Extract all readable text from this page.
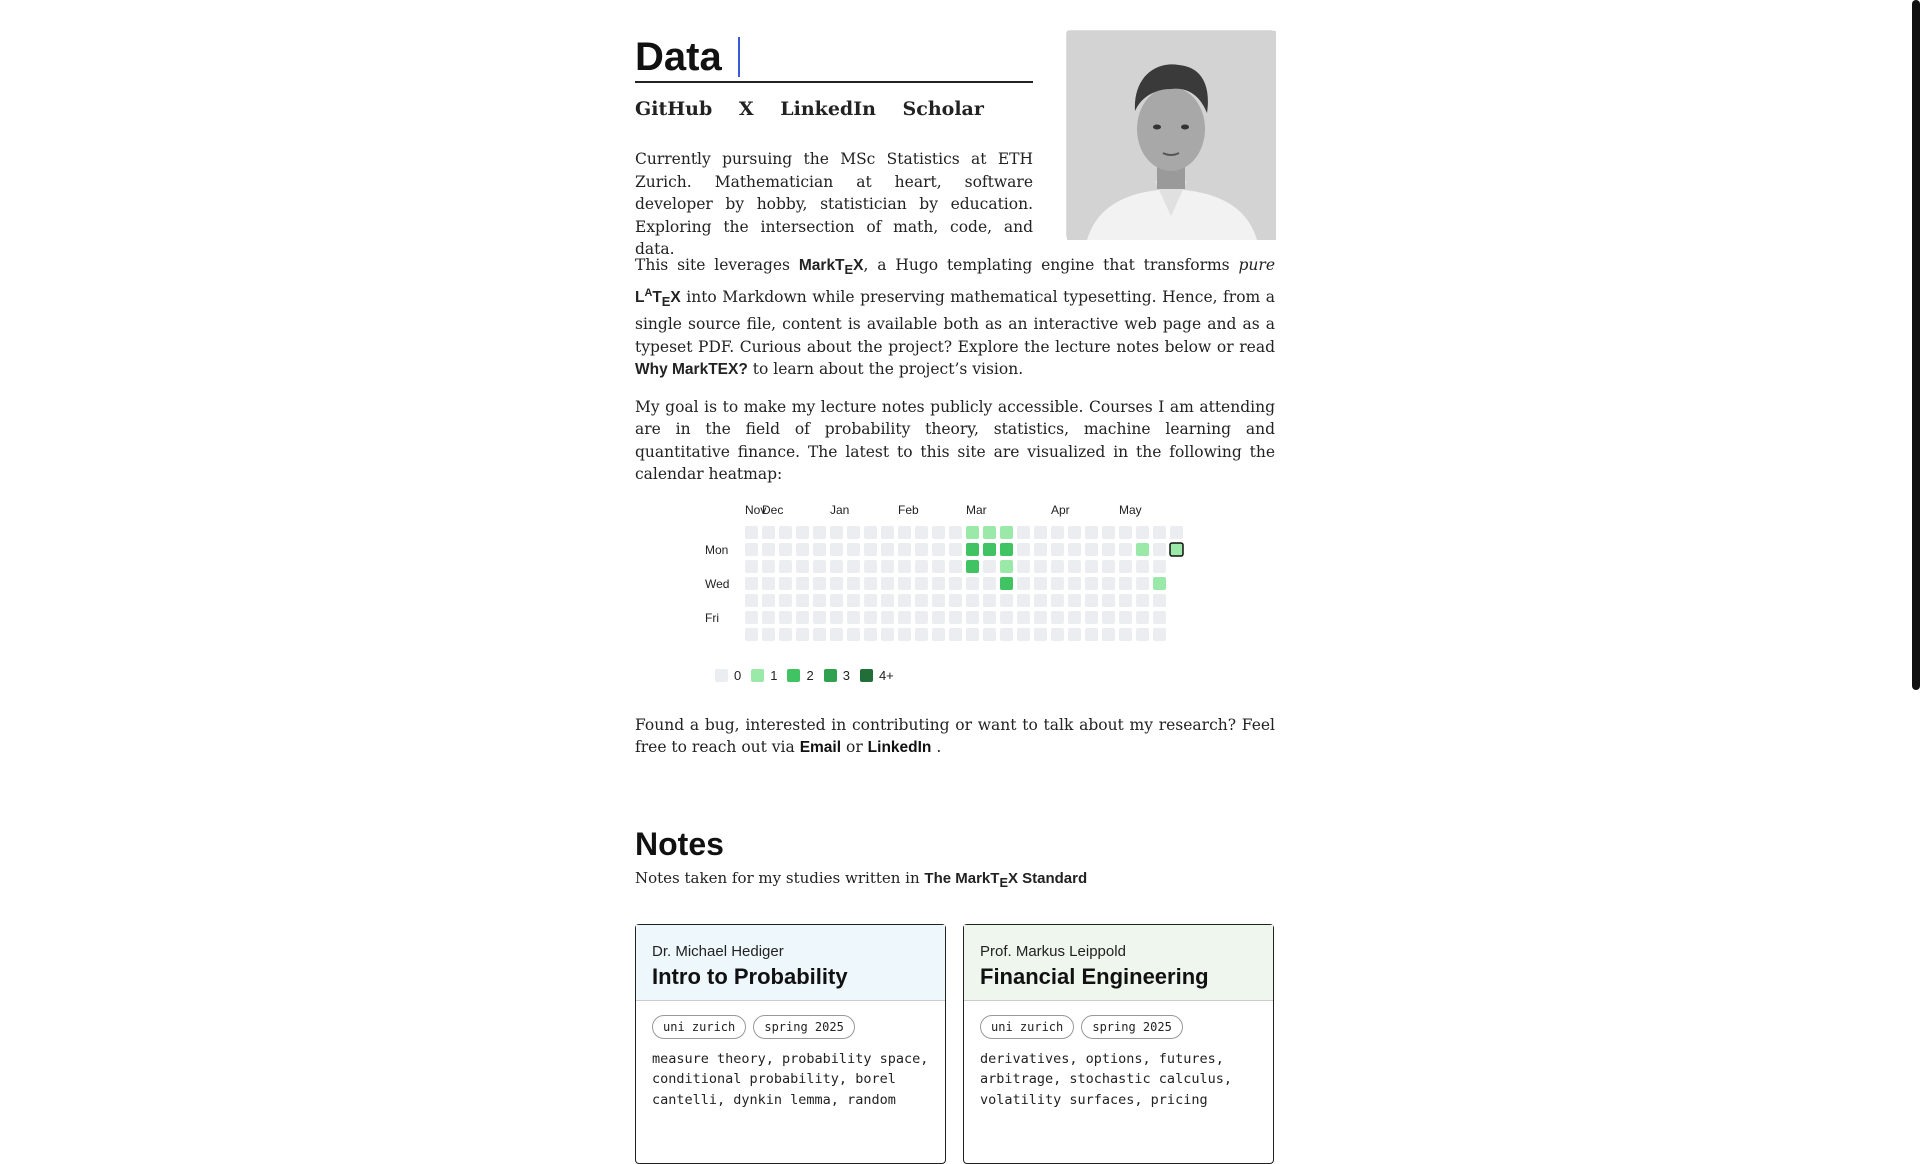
Data
GitHub X LinkedIn Scholar
Currently pursuing the MSc Statistics at ETH Zurich. Mathematician at heart, software developer by hobby, statistician by education. Exploring the intersection of math, code, and data.

This site leverages MarkT$_E$X, a Hugo templating engine that transforms pure $L^AT_EX$ into Markdown while preserving mathematical typesetting. Hence, from a single source file, content is available both as an interactive web page and as a typeset PDF. Curious about the project? Explore the lecture notes below or read Why MarkTEX? to learn about the project’s vision.

My goal is to make my lecture notes publicly accessible. Courses I am attending are in the field of probability theory, statistics, machine learning and quantitative finance. The latest to this site are visualized in the following the calendar heatmap:

Nov
Dec	Jan	Feb	Mar	Apr	May
Mon
Wed
Fri
0	1	2	3	4+

Found a bug, interested in contributing or want to talk about my research? Feel free to reach out via Email or LinkedIn .

Notes
Notes taken for my studies written in The MarkT$_E$X Standard
Dr. Michael Hediger
Intro to Probability
uni zurich spring 2025
measure theory, probability space, conditional probability, borel cantelli, dynkin lemma, random
Prof. Markus Leippold
Financial Engineering
uni zurich spring 2025
derivatives, options, futures, arbitrage, stochastic calculus, volatility surfaces, pricing
